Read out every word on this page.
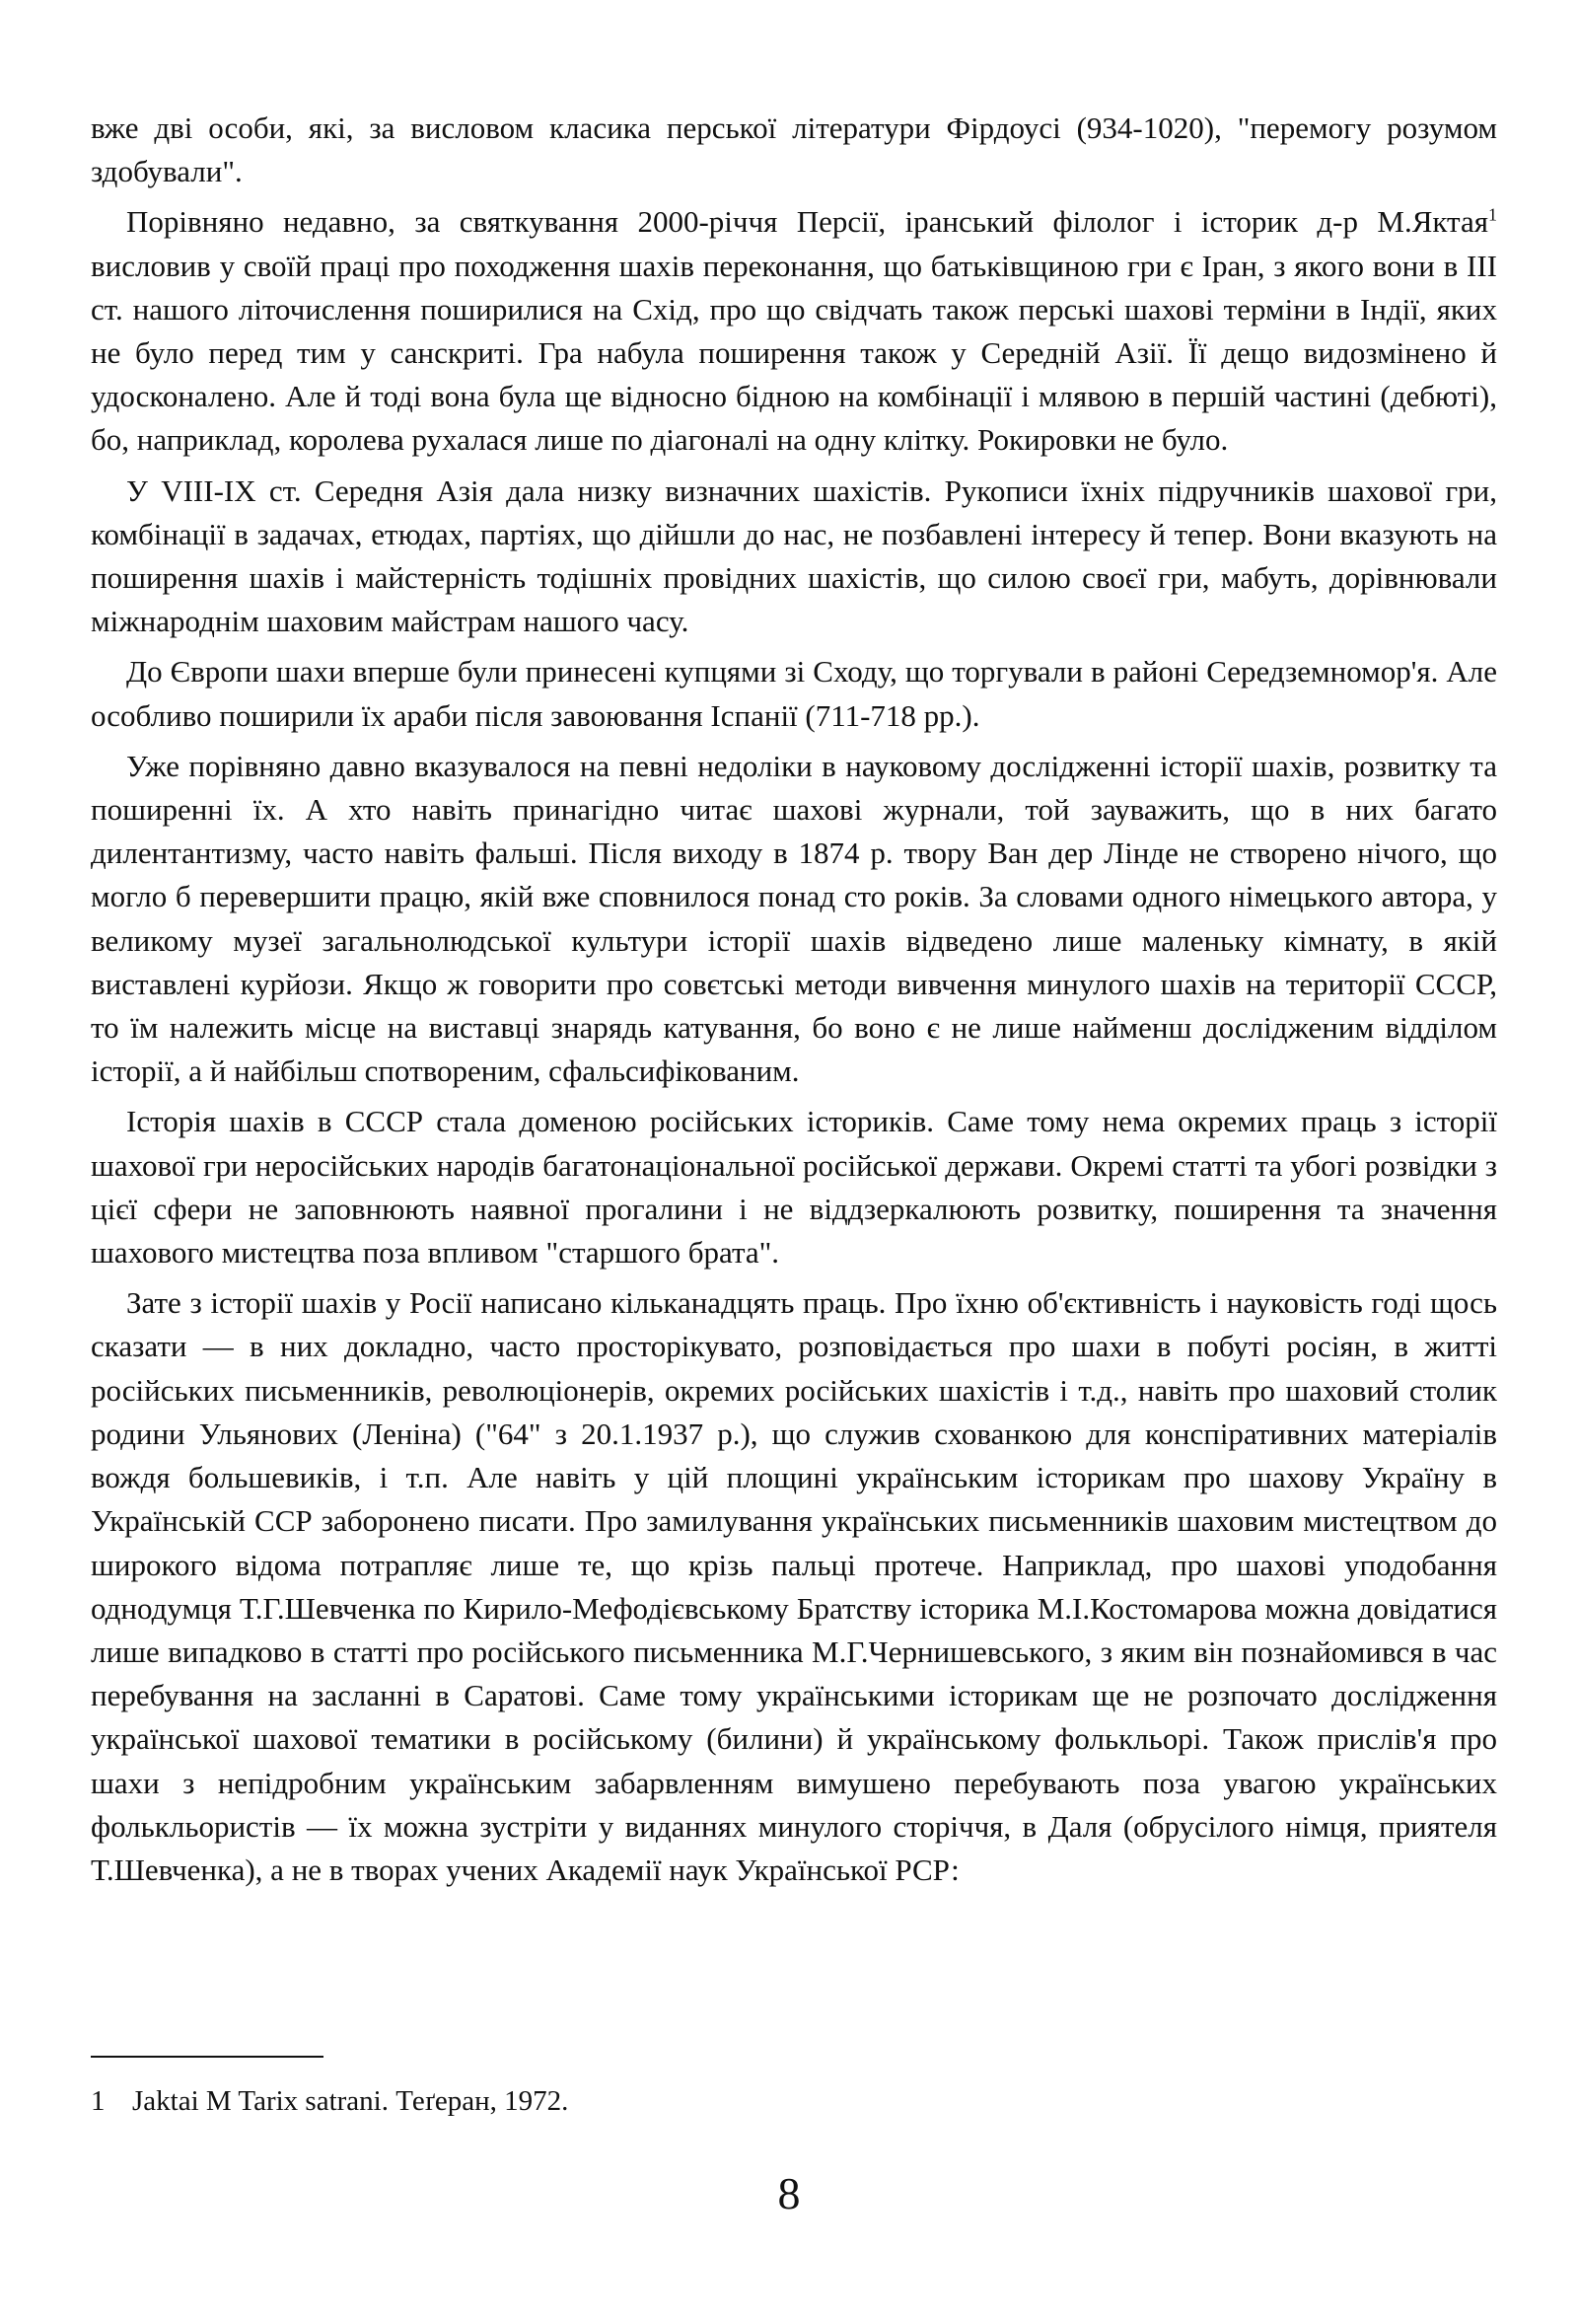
вже дві особи, які, за висловом класика перської літератури Фірдоусі (934-1020), "перемогу розумом здобували".

Порівняно недавно, за святкування 2000-річчя Персії, іранський філолог і історик д-р М.Яктая$^1$ висловив у своїй праці про походження шахів переконання, що батьківщиною гри є Іран, з якого вони в ІІІ ст. нашого літочислення поширилися на Схід, про що свідчать також перські шахові терміни в Індії, яких не було перед тим у санскриті. Гра набула поширення також у Середній Азії. Її дещо видозмінено й удосконалено. Але й тоді вона була ще відносно бідною на комбінації і млявою в першій частині (дебюті), бо, наприклад, королева рухалася лише по діагоналі на одну клітку. Рокировки не було.

У VIII-IX ст. Середня Азія дала низку визначних шахістів. Рукописи їхніх підручників шахової гри, комбінації в задачах, етюдах, партіях, що дійшли до нас, не позбавлені інтересу й тепер. Вони вказують на поширення шахів і майстерність тодішніх провідних шахістів, що силою своєї гри, мабуть, дорівнювали міжнароднім шаховим майстрам нашого часу.

До Європи шахи вперше були принесені купцями зі Сходу, що торгували в районі Середземномор'я. Але особливо поширили їх араби після завоювання Іспанії (711-718 рр.).

Уже порівняно давно вказувалося на певні недоліки в науковому дослідженні історії шахів, розвитку та поширенні їх. А хто навіть принагідно читає шахові журнали, той зауважить, що в них багато дилентантизму, часто навіть фальші. Після виходу в 1874 р. твору Ван дер Лінде не створено нічого, що могло б перевершити працю, якій вже сповнилося понад сто років. За словами одного німецького автора, у великому музеї загальнолюдської культури історії шахів відведено лише маленьку кімнату, в якій виставлені курйози. Якщо ж говорити про совєтські методи вивчення минулого шахів на території СССР, то їм належить місце на виставці знарядь катування, бо воно є не лише найменш дослідженим відділом історії, а й найбільш спотвореним, сфальсифікованим.

Історія шахів в СССР стала доменою російських істориків. Саме тому нема окремих праць з історії шахової гри неросійських народів багатонаціональної російської держави. Окремі статті та убогі розвідки з цієї сфери не заповнюють наявної прогалини і не віддзеркалюють розвитку, поширення та значення шахового мистецтва поза впливом "старшого брата".

Зате з історії шахів у Росії написано кільканадцять праць. Про їхню об'єктивність і науковість годі щось сказати — в них докладно, часто просторікувато, розповідається про шахи в побуті росіян, в житті російських письменників, революціонерів, окремих російських шахістів і т.д., навіть про шаховий столик родини Ульянових (Леніна) ("64" з 20.1.1937 р.), що служив схованкою для конспіративних матеріалів вождя большевиків, і т.п. Але навіть у цій площині українським історикам про шахову Україну в Українській ССР заборонено писати. Про замилування українських письменників шаховим мистецтвом до широкого відома потрапляє лише те, що крізь пальці протече. Наприклад, про шахові уподобання однодумця Т.Г.Шевченка по Кирило-Мефодієвському Братству історика М.І.Костомарова можна довідатися лише випадково в статті про російського письменника М.Г.Чернишевського, з яким він познайомився в час перебування на засланні в Саратові. Саме тому українськими історикам ще не розпочато дослідження української шахової тематики в російському (билини) й українському фолькльорі. Також прислів'я про шахи з непідробним українським забарвленням вимушено перебувають поза увагою українських фолькльористів — їх можна зустріти у виданнях минулого сторіччя, в Даля (обрусілого німця, приятеля Т.Шевченка), а не в творах учених Академії наук Української РСР:

1 Jaktai M Tarix satrani. Теґеран, 1972.
8
